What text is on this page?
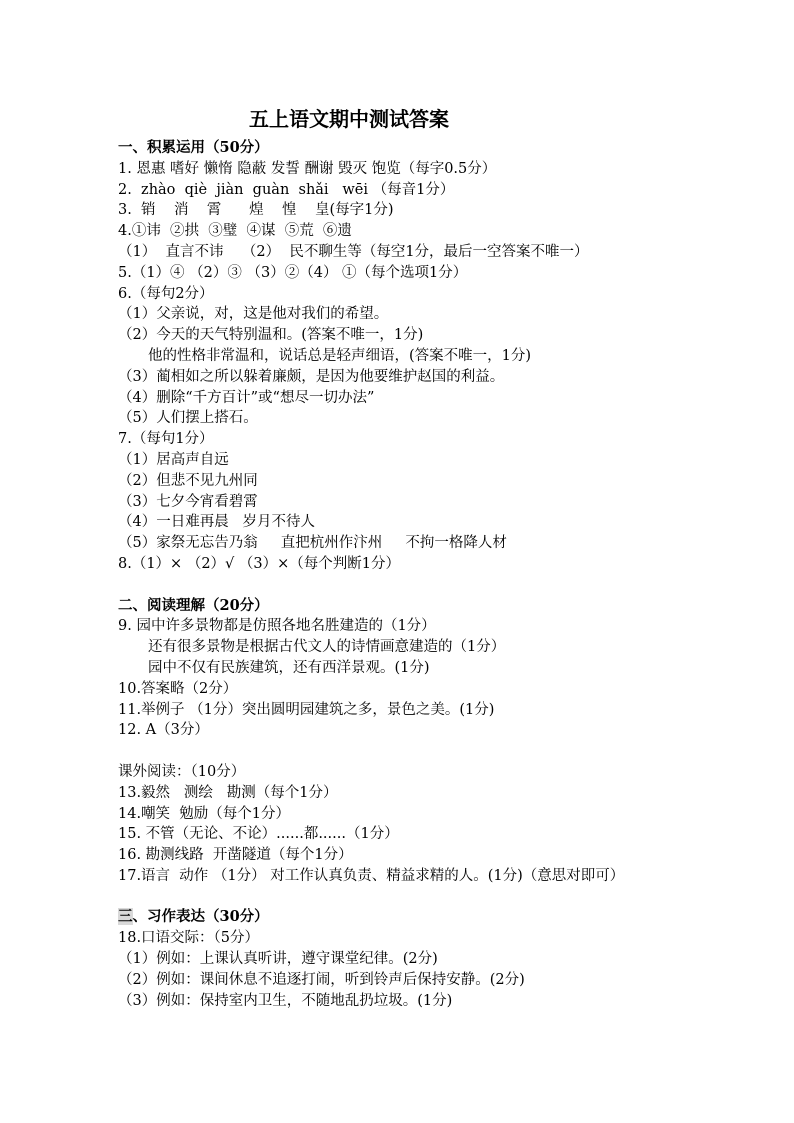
五上语文期中测试答案
一、积累运用（50分）
1. 恩惠 嗜好 懒惰 隐蔽 发誓 酬谢 毁灭 饱览（每字0.5分）
2.  zhào  qiè  jiàn  guàn  shǎi   wēi （每音1分）
3.  销    消    霄      煌    惶    皇(每字1分)
4.①讳  ②拱  ③璧  ④谋  ⑤荒  ⑥遗
（1）  直言不讳    （2）  民不聊生等（每空1分，最后一空答案不唯一）
5.（1）④ （2）③ （3）②（4） ①（每个选项1分）
6.（每句2分）
（1）父亲说，对，这是他对我们的希望。
（2）今天的天气特别温和。(答案不唯一，1分)
他的性格非常温和，说话总是轻声细语，(答案不唯一，1分)
（3）蔺相如之所以躲着廉颇，是因为他要维护赵国的利益。
（4）删除“千方百计”或“想尽一切办法”
（5）人们摆上搭石。
7.（每句1分）
（1）居高声自远
（2）但悲不见九州同
（3）七夕今宵看碧霄
（4）一日难再晨   岁月不待人
（5）家祭无忘告乃翁     直把杭州作汴州     不拘一格降人材
8.（1）× （2）√ （3）×（每个判断1分）
二、阅读理解（20分）
9. 园中许多景物都是仿照各地名胜建造的（1分）
还有很多景物是根据古代文人的诗情画意建造的（1分）
园中不仅有民族建筑，还有西洋景观。(1分)
10.答案略（2分）
11.举例子 （1分）突出圆明园建筑之多，景色之美。(1分)
12. A（3分）
课外阅读：（10分）
13.毅然   测绘   勘测（每个1分）
14.嘲笑  勉励（每个1分）
15. 不管（无论、不论）......都......（1分）
16. 勘测线路  开凿隧道（每个1分）
17.语言  动作 （1分） 对工作认真负责、精益求精的人。(1分)（意思对即可）
三、习作表达（30分）
18.口语交际：（5分）
（1）例如：上课认真听讲，遵守课堂纪律。(2分)
（2）例如：课间休息不追逐打闹，听到铃声后保持安静。(2分)
（3）例如：保持室内卫生，不随地乱扔垃圾。(1分)
